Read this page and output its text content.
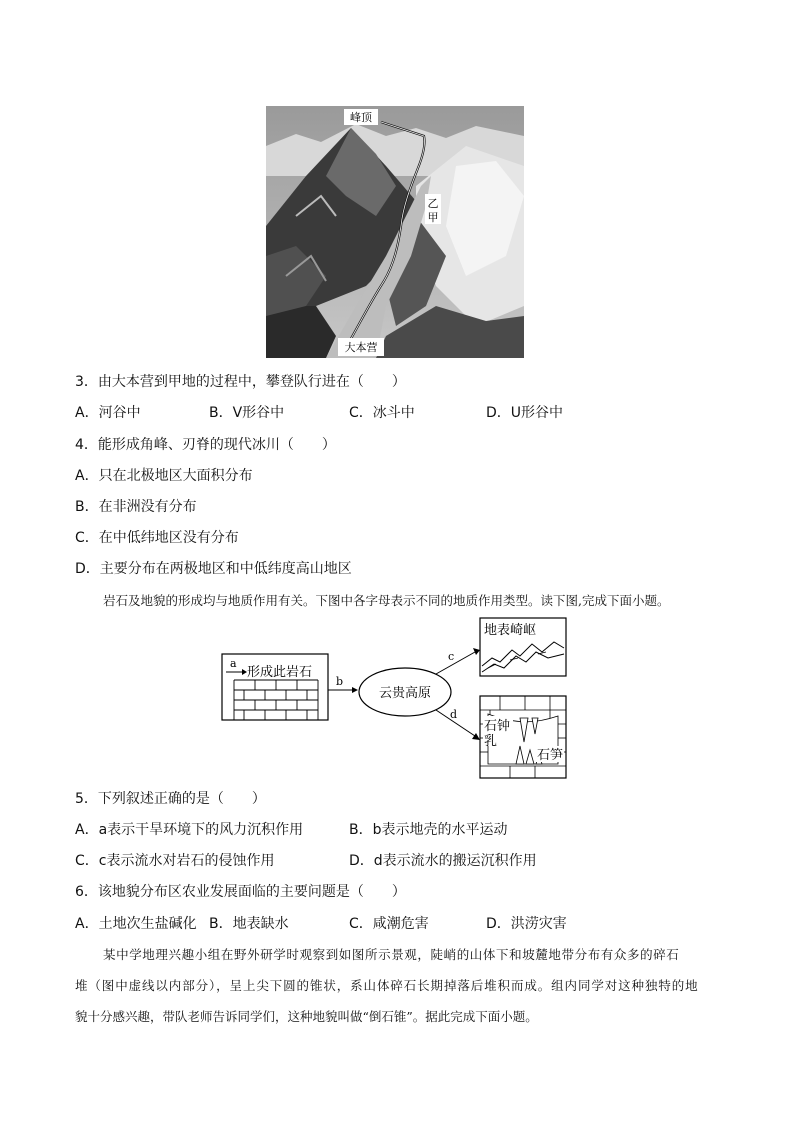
峰顶
乙
甲
大本营
3．由大本营到甲地的过程中，攀登队行进在（　　）
A．河谷中	B．V形谷中	C．冰斗中	D．U形谷中
4．能形成角峰、刃脊的现代冰川（　　）
A．只在北极地区大面积分布
B．在非洲没有分布
C．在中低纬地区没有分布
D．主要分布在两极地区和中低纬度高山地区
岩石及地貌的形成均与地质作用有关。下图中各字母表示不同的地质作用类型。读下图,完成下面小题。
a
形成此岩石
b
云贵高原
c
d
地表崎岖
石钟
乳
石笋
5．下列叙述正确的是（　　）
A．a表示干旱环境下的风力沉积作用	B．b表示地壳的水平运动
C．c表示流水对岩石的侵蚀作用	D．d表示流水的搬运沉积作用
6．该地貌分布区农业发展面临的主要问题是（　　）
A．土地次生盐碱化 B．地表缺水	C．咸潮危害	D．洪涝灾害
某中学地理兴趣小组在野外研学时观察到如图所示景观，陡峭的山体下和坡麓地带分布有众多的碎石
堆（图中虚线以内部分），呈上尖下圆的锥状，系山体碎石长期掉落后堆积而成。组内同学对这种独特的地
貌十分感兴趣，带队老师告诉同学们，这种地貌叫做“倒石锥”。据此完成下面小题。
